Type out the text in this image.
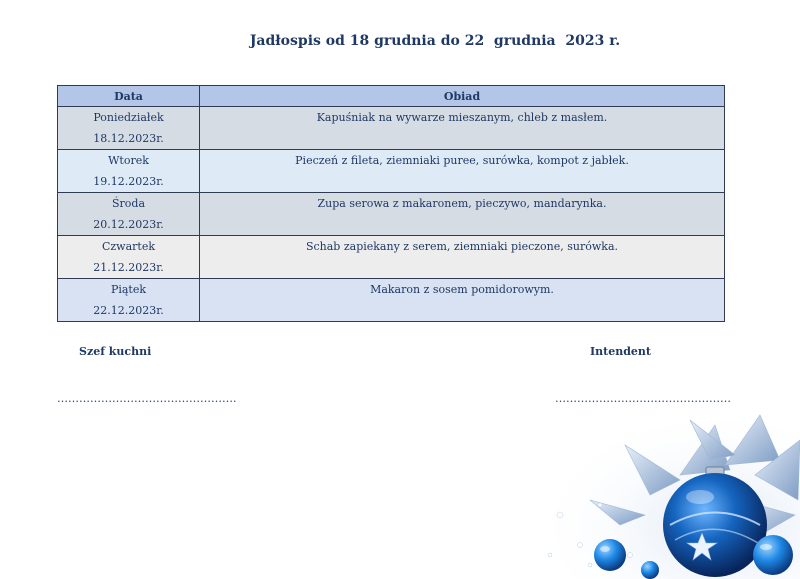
Jadłospis od 18 grudnia do 22  grudnia  2023 r.
Data	Obiad

Poniedziałek
18.12.2023r.	Kapuśniak na wywarze mieszanym, chleb z masłem.

Wtorek
19.12.2023r.	Pieczeń z fileta, ziemniaki puree, surówka, kompot z jabłek.

Środa
20.12.2023r.	Zupa serowa z makaronem, pieczywo, mandarynka.

Czwartek
21.12.2023r.	Schab zapiekany z serem, ziemniaki pieczone, surówka.

Piątek
22.12.2023r.	Makaron z sosem pomidorowym.
Szef kuchni	Intendent
………………………………………….	…………………………………………
